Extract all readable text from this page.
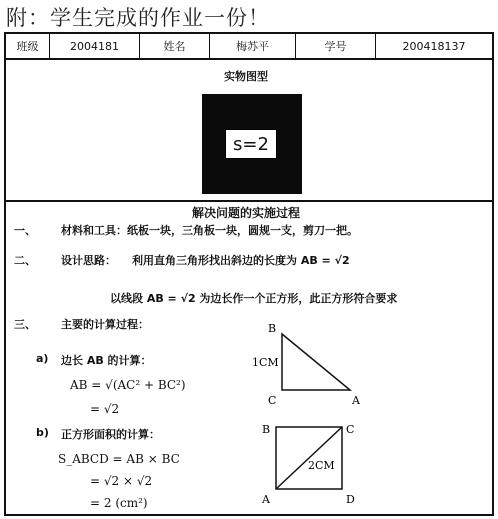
附：学生完成的作业一份！
班级	2004181	姓名	梅苏平	学号	200418137
实物图型
s=2
解决问题的实施过程
一、 材料和工具：纸板一块，三角板一块，圆规一支，剪刀一把。
二、 设计思路： 利用直角三角形找出斜边的长度为 AB = √2
以线段 AB = √2 为边长作一个正方形，此正方形符合要求
三、 主要的计算过程：
a) 边长 AB 的计算：
AB = √(AC² + BC²)
= √2
b) 正方形面积的计算：
S_ABCD = AB × BC
= √2 × √2
= 2 (cm²)
B
C	A
1CM
B	C
A	D
2CM
